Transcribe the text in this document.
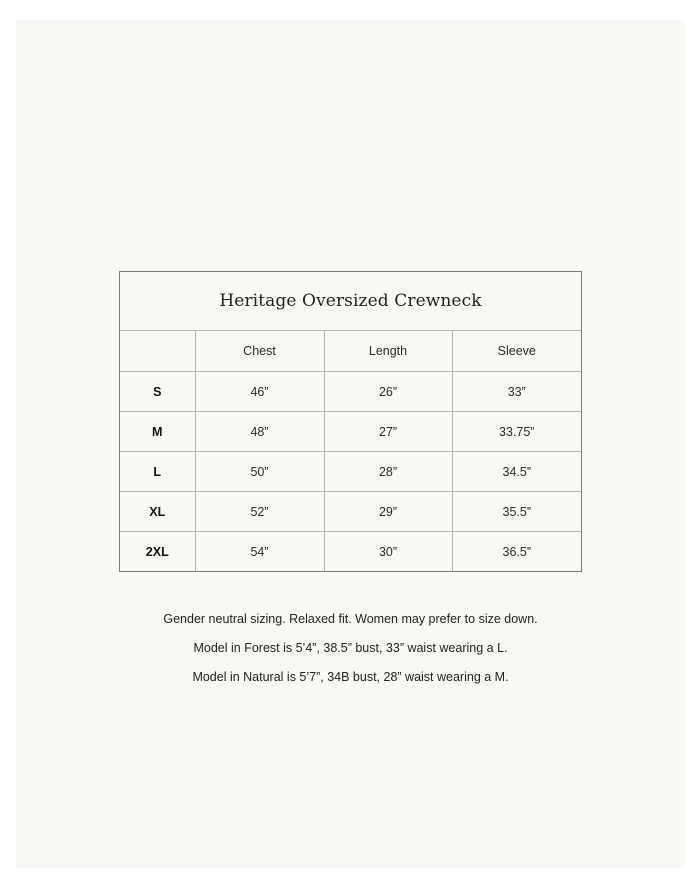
Heritage Oversized Crewneck
	Chest	Length	Sleeve
S	46”	26”	33”
M	48”	27”	33.75”
L	50”	28”	34.5”
XL	52”	29”	35.5”
2XL	54”	30”	36.5”

Gender neutral sizing. Relaxed fit. Women may prefer to size down.

Model in Forest is 5’4”, 38.5” bust, 33” waist wearing a L.

Model in Natural is 5’7”, 34B bust, 28” waist wearing a M.
